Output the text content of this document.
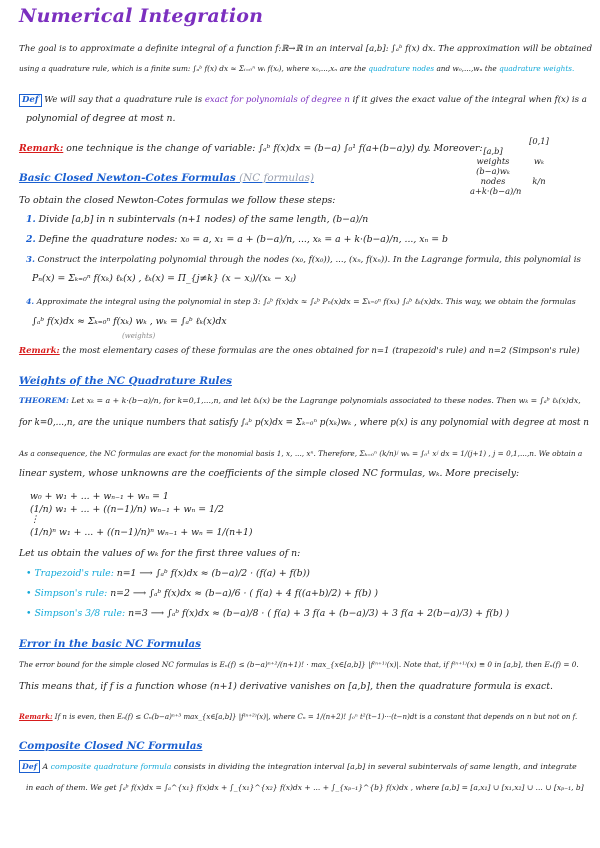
Numerical Integration
The goal is to approximate a definite integral of a function f:ℝ→ℝ in an interval [a,b]: ∫ₐᵇ f(x) dx. The approximation will be obtained
using a quadrature rule, which is a finite sum: ∫ₐᵇ f(x) dx ≈ Σᵢ₌₀ⁿ wᵢ f(xᵢ), where x₀,...,xₙ are the quadrature nodes and w₀,...,wₙ the quadrature weights.
Def We will say that a quadrature rule is exact for polynomials of degree n if it gives the exact value of the integral when f(x) is a
polynomial of degree at most n.
Remark: one technique is the change of variable: ∫ₐᵇ f(x)dx = (b−a) ∫₀¹ f(a+(b−a)y) dy. Moreover:
[0,1][a,b]
weights	wₖ(b−a)wₖ
nodes	k/na+k·(b−a)/n
Basic Closed Newton-Cotes Formulas (NC formulas)
To obtain the closed Newton-Cotes formulas we follow these steps:
1. Divide [a,b] in n subintervals (n+1 nodes) of the same length, (b−a)/n
2. Define the quadrature nodes: x₀ = a, x₁ = a + (b−a)/n, ..., xₖ = a + k·(b−a)/n, ..., xₙ = b
3. Construct the interpolating polynomial through the nodes (x₀, f(x₀)), ..., (xₙ, f(xₙ)). In the Lagrange formula, this polynomial is
Pₙ(x) = Σₖ₌₀ⁿ f(xₖ) ℓₖ(x) , ℓₖ(x) = Π_{j≠k} (x − xⱼ)/(xₖ − xⱼ)
4. Approximate the integral using the polynomial in step 3: ∫ₐᵇ f(x)dx ≈ ∫ₐᵇ Pₙ(x)dx = Σₖ₌₀ⁿ f(xₖ) ∫ₐᵇ ℓₖ(x)dx. This way, we obtain the formulas
∫ₐᵇ f(x)dx ≈ Σₖ₌₀ⁿ f(xₖ) wₖ , wₖ = ∫ₐᵇ ℓₖ(x)dx
(weights)
Remark: the most elementary cases of these formulas are the ones obtained for n=1 (trapezoid's rule) and n=2 (Simpson's rule)
Weights of the NC Quadrature Rules
THEOREM: Let xₖ = a + k·(b−a)/n, for k=0,1,...,n, and let ℓₖ(x) be the Lagrange polynomials associated to these nodes. Then wₖ = ∫ₐᵇ ℓₖ(x)dx,
for k=0,...,n, are the unique numbers that satisfy ∫ₐᵇ p(x)dx = Σₖ₌₀ⁿ p(xₖ)wₖ , where p(x) is any polynomial with degree at most n
As a consequence, the NC formulas are exact for the monomial basis 1, x, ..., xⁿ. Therefore, Σₖ₌₀ⁿ (k/n)ʲ wₖ = ∫₀¹ xʲ dx = 1/(j+1) , j = 0,1,...,n. We obtain a
linear system, whose unknowns are the coefficients of the simple closed NC formulas, wₖ. More precisely:
w₀ + w₁ + ... + wₙ₋₁ + wₙ = 1
(1/n) w₁ + ... + ((n−1)/n) wₙ₋₁ + wₙ = 1/2
⋮
(1/n)ⁿ w₁ + ... + ((n−1)/n)ⁿ wₙ₋₁ + wₙ = 1/(n+1)
Let us obtain the values of wₖ for the first three values of n:
• Trapezoid's rule: n=1 ⟶ ∫ₐᵇ f(x)dx ≈ (b−a)/2 · (f(a) + f(b))
• Simpson's rule: n=2 ⟶ ∫ₐᵇ f(x)dx ≈ (b−a)/6 · ( f(a) + 4 f((a+b)/2) + f(b) )
• Simpson's 3/8 rule: n=3 ⟶ ∫ₐᵇ f(x)dx ≈ (b−a)/8 · ( f(a) + 3 f(a + (b−a)/3) + 3 f(a + 2(b−a)/3) + f(b) )
Error in the basic NC Formulas
The error bound for the simple closed NC formulas is Eₙ(f) ≤ (b−a)ⁿ⁺²/(n+1)! · max_{x∈[a,b]} |f⁽ⁿ⁺¹⁾(x)|. Note that, if f⁽ⁿ⁺¹⁾(x) ≡ 0 in [a,b], then Eₙ(f) = 0.
This means that, if f is a function whose (n+1) derivative vanishes on [a,b], then the quadrature formula is exact.
Remark: If n is even, then Eₙ(f) ≤ Cₙ(b−a)ⁿ⁺³ max_{x∈[a,b]} |f⁽ⁿ⁺²⁾(x)|, where Cₙ = 1/(n+2)! ∫₀ⁿ t²(t−1)···(t−n)dt is a constant that depends on n but not on f.
Composite Closed NC Formulas
Def A composite quadrature formula consists in dividing the integration interval [a,b] in several subintervals of same length, and integrate
in each of them. We get ∫ₐᵇ f(x)dx = ∫ₐ^{x₁} f(x)dx + ∫_{x₁}^{x₂} f(x)dx + ... + ∫_{xₚ₋₁}^{b} f(x)dx , where [a,b] = [a,x₁] ∪ [x₁,x₂] ∪ ... ∪ [xₚ₋₁, b]
